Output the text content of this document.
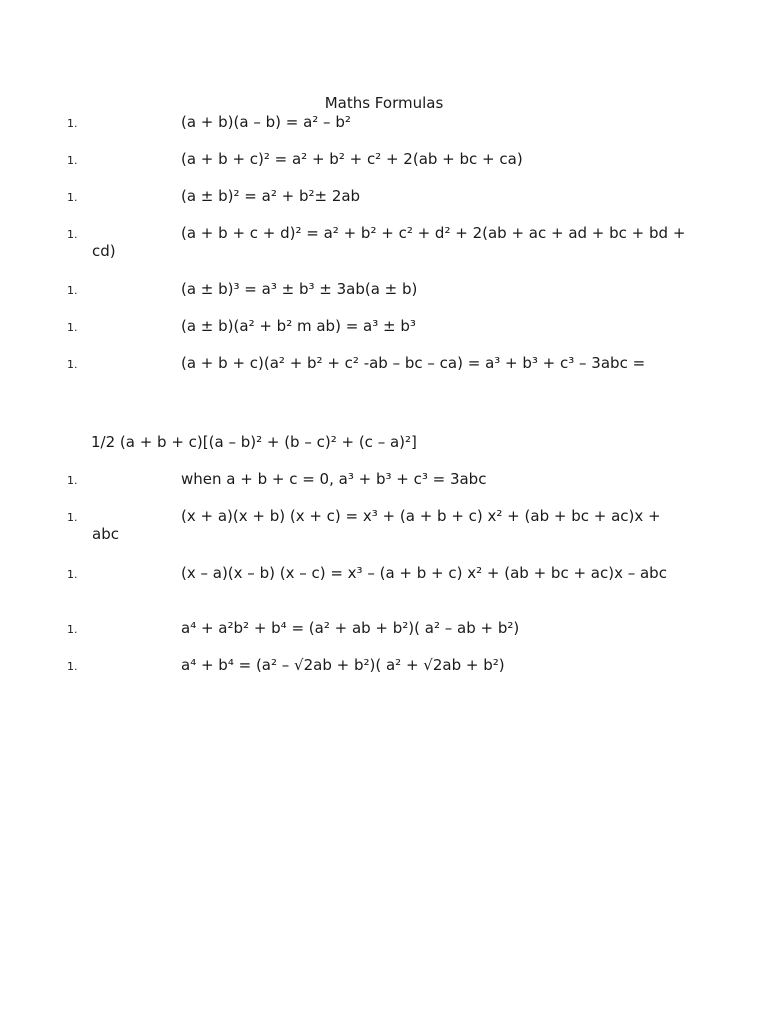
Maths Formulas
1.	(a + b)(a – b) = a² – b²
1.	(a + b + c)² = a² + b² + c² + 2(ab + bc + ca)
1.	(a ± b)² = a² + b²± 2ab
1.	(a + b + c + d)² = a² + b² + c² + d² + 2(ab + ac + ad + bc + bd + cd)
1.	(a ± b)³ = a³ ± b³ ± 3ab(a ± b)
1.	(a ± b)(a² + b² m ab) = a³ ± b³
1.	(a + b + c)(a² + b² + c² -ab – bc – ca) = a³ + b³ + c³ – 3abc =
1/2 (a + b + c)[(a – b)² + (b – c)² + (c – a)²]
1.	when a + b + c = 0, a³ + b³ + c³ = 3abc
1.	(x + a)(x + b) (x + c) = x³ + (a + b + c) x² + (ab + bc + ac)x + abc
1.	(x – a)(x – b) (x – c) = x³ – (a + b + c) x² + (ab + bc + ac)x – abc
1.	a⁴ + a²b² + b⁴ = (a² + ab + b²)( a² – ab + b²)
1.	a⁴ + b⁴ = (a² – √2ab + b²)( a² + √2ab + b²)
